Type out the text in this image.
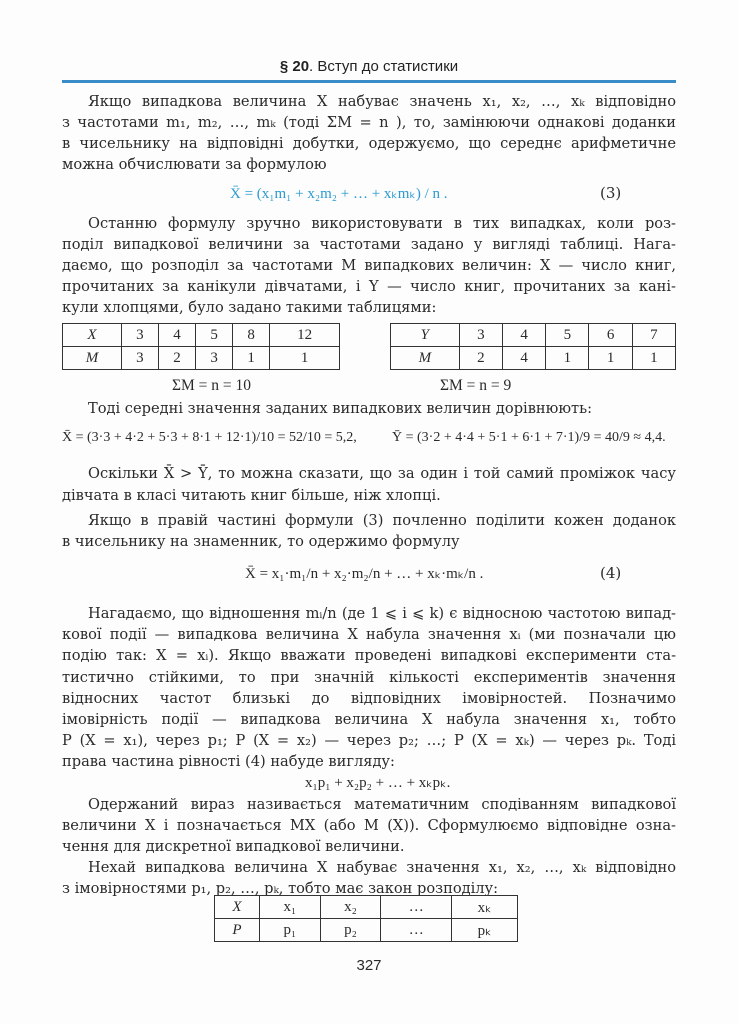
§ 20. Вступ до статистики
Якщо випадкова величина X набуває значень x₁, x₂, …, xₖ відповідно
з частотами m₁, m₂, …, mₖ (тоді ΣM = n ), то, замінюючи однакові доданки
в чисельнику на відповідні добутки, одержуємо, що середнє арифметичне
можна обчислювати за формулою
X̄ = (x₁m₁ + x₂m₂ + … + xₖmₖ) / n .	(3)
Останню формулу зручно використовувати в тих випадках, коли роз-
поділ випадкової величини за частотами задано у вигляді таблиці. Нага-
даємо, що розподіл за частотами M випадкових величин: X — число книг,
прочитаних за канікули дівчатами, і Y — число книг, прочитаних за кані-
кули хлопцями, було задано такими таблицями:
X	3	4	5	8	12
M	3	2	3	1	1
Y	3	4	5	6	7
M	2	4	1	1	1
ΣM = n = 10	ΣM = n = 9
Тоді середні значення заданих випадкових величин дорівнюють:
X̄ = (3·3 + 4·2 + 5·3 + 8·1 + 12·1)/10 = 52/10 = 5,2,	Ȳ = (3·2 + 4·4 + 5·1 + 6·1 + 7·1)/9 = 40/9 ≈ 4,4.
Оскільки X̄ > Ȳ, то можна сказати, що за один і той самий проміжок часу
дівчата в класі читають книг більше, ніж хлопці.
Якщо в правій частині формули (3) почленно поділити кожен доданок
в чисельнику на знаменник, то одержимо формулу
X̄ = x₁·m₁/n + x₂·m₂/n + … + xₖ·mₖ/n .	(4)
Нагадаємо, що відношення mᵢ/n (де 1 ⩽ i ⩽ k) є відносною частотою випад-
кової події — випадкова величина X набула значення xᵢ (ми позначали цю
подію так: X = xᵢ). Якщо вважати проведені випадкові експерименти ста-
тистично стійкими, то при значній кількості експериментів значення
відносних частот близькі до відповідних імовірностей. Позначимо
імовірність події — випадкова величина X набула значення x₁, тобто
P (X = x₁), через p₁; P (X = x₂) — через p₂; …; P (X = xₖ) — через pₖ. Тоді
права частина рівності (4) набуде вигляду:
x₁p₁ + x₂p₂ + … + xₖpₖ.
Одержаний вираз називається математичним сподіванням випадкової
величини X і позначається MX (або M (X)). Сформулюємо відповідне озна-
чення для дискретної випадкової величини.
Нехай випадкова величина X набуває значення x₁, x₂, …, xₖ відповідно
з імовірностями p₁, p₂, …, pₖ, тобто має закон розподілу:
X	x₁	x₂	…	xₖ
P	p₁	p₂	…	pₖ
327
